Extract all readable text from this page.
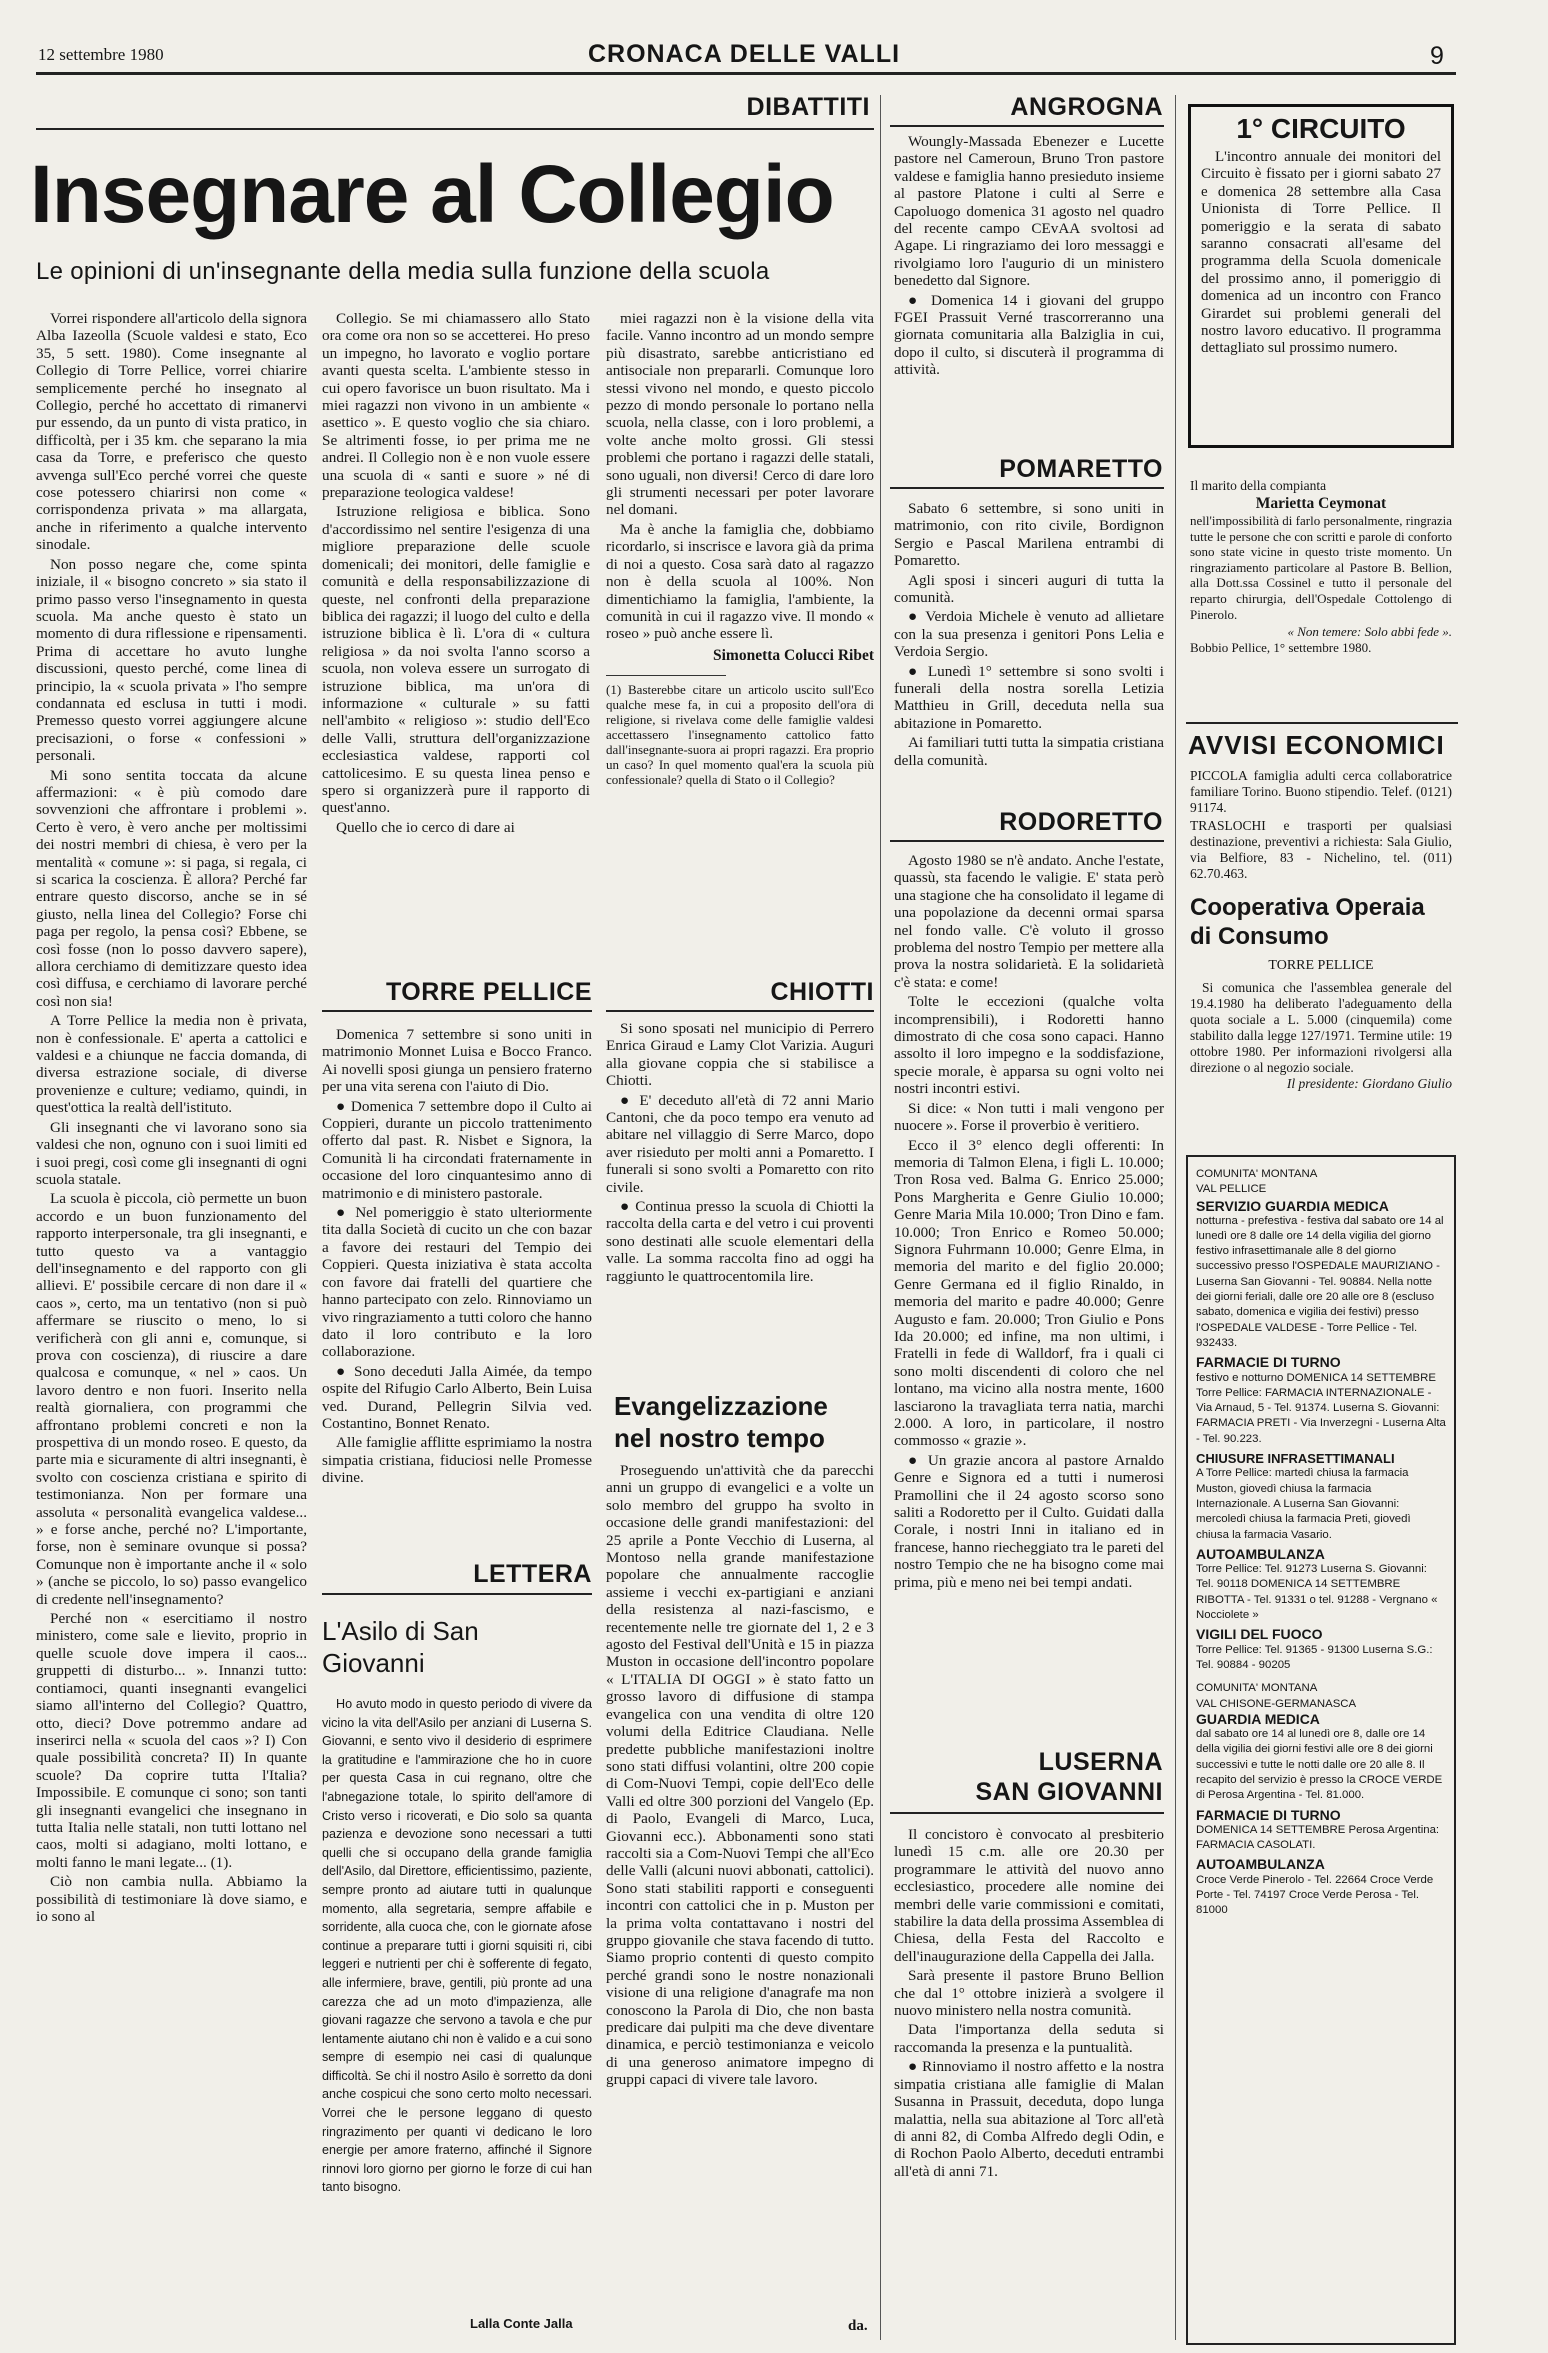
12 settembre 1980	CRONACA DELLE VALLI	9
DIBATTITI
Insegnare al Collegio
Le opinioni di un'insegnante della media sulla funzione della scuola

Vorrei rispondere all'articolo della signora Alba Iazeolla (Scuole valdesi e stato, Eco 35, 5 sett. 1980). Come insegnante al Collegio di Torre Pellice, vorrei chiarire semplicemente perché ho insegnato al Collegio, perché ho accettato di rimanervi pur essendo, da un punto di vista pratico, in difficoltà, per i 35 km. che separano la mia casa da Torre, e preferisco che questo avvenga sull'Eco perché vorrei che queste cose potessero chiarirsi non come « corrispondenza privata » ma allargata, anche in riferimento a qualche intervento sinodale.

Non posso negare che, come spinta iniziale, il « bisogno concreto » sia stato il primo passo verso l'insegnamento in questa scuola. Ma anche questo è stato un momento di dura riflessione e ripensamenti. Prima di accettare ho avuto lunghe discussioni, questo perché, come linea di principio, la « scuola privata » l'ho sempre condannata ed esclusa in tutti i modi. Premesso questo vorrei aggiungere alcune precisazioni, o forse « confessioni » personali.

Mi sono sentita toccata da alcune affermazioni: « è più comodo dare sovvenzioni che affrontare i problemi ». Certo è vero, è vero anche per moltissimi dei nostri membri di chiesa, è vero per la mentalità « comune »: si paga, si regala, ci si scarica la coscienza. È allora? Perché far entrare questo discorso, anche se in sé giusto, nella linea del Collegio? Forse chi paga per regolo, la pensa così? Ebbene, se così fosse (non lo posso davvero sapere), allora cerchiamo di demitizzare questo idea così diffusa, e cerchiamo di lavorare perché così non sia!

A Torre Pellice la media non è privata, non è confessionale. E' aperta a cattolici e valdesi e a chiunque ne faccia domanda, di diversa estrazione sociale, di diverse provenienze e culture; vediamo, quindi, in quest'ottica la realtà dell'istituto.

Gli insegnanti che vi lavorano sono sia valdesi che non, ognuno con i suoi limiti ed i suoi pregi, così come gli insegnanti di ogni scuola statale.

La scuola è piccola, ciò permette un buon accordo e un buon funzionamento del rapporto interpersonale, tra gli insegnanti, e tutto questo va a vantaggio dell'insegnamento e del rapporto con gli allievi. E' possibile cercare di non dare il « caos », certo, ma un tentativo (non si può affermare se riuscito o meno, lo si verificherà con gli anni e, comunque, si prova con coscienza), di riuscire a dare qualcosa e comunque, « nel » caos. Un lavoro dentro e non fuori. Inserito nella realtà giornaliera, con programmi che affrontano problemi concreti e non la prospettiva di un mondo roseo. E questo, da parte mia e sicuramente di altri insegnanti, è svolto con coscienza cristiana e spirito di testimonianza. Non per formare una assoluta « personalità evangelica valdese... » e forse anche, perché no? L'importante, forse, non è seminare ovunque si possa? Comunque non è importante anche il « solo » (anche se piccolo, lo so) passo evangelico di credente nell'insegnamento?

Perché non « esercitiamo il nostro ministero, come sale e lievito, proprio in quelle scuole dove impera il caos... gruppetti di disturbo... ». Innanzi tutto: contiamoci, quanti insegnanti evangelici siamo all'interno del Collegio? Quattro, otto, dieci? Dove potremmo andare ad inserirci nella « scuola del caos »? I) Con quale possibilità concreta? II) In quante scuole? Da coprire tutta l'Italia? Impossibile. E comunque ci sono; son tanti gli insegnanti evangelici che insegnano in tutta Italia nelle statali, non tutti lottano nel caos, molti si adagiano, molti lottano, e molti fanno le mani legate... (1).

Ciò non cambia nulla. Abbiamo la possibilità di testimoniare là dove siamo, e io sono al

Collegio. Se mi chiamassero allo Stato ora come ora non so se accetterei. Ho preso un impegno, ho lavorato e voglio portare avanti questa scelta. L'ambiente stesso in cui opero favorisce un buon risultato. Ma i miei ragazzi non vivono in un ambiente « asettico ». E questo voglio che sia chiaro. Se altrimenti fosse, io per prima me ne andrei. Il Collegio non è e non vuole essere una scuola di « santi e suore » né di preparazione teologica valdese!

Istruzione religiosa e biblica. Sono d'accordissimo nel sentire l'esigenza di una migliore preparazione delle scuole domenicali; dei monitori, delle famiglie e comunità e della responsabilizzazione di queste, nel confronti della preparazione biblica dei ragazzi; il luogo del culto e della istruzione biblica è lì. L'ora di « cultura religiosa » da noi svolta l'anno scorso a scuola, non voleva essere un surrogato di istruzione biblica, ma un'ora di informazione « culturale » su fatti nell'ambito « religioso »: studio dell'Eco delle Valli, struttura dell'organizzazione ecclesiastica valdese, rapporti col cattolicesimo. E su questa linea penso e spero si organizzerà pure il rapporto di quest'anno.

Quello che io cerco di dare ai

miei ragazzi non è la visione della vita facile. Vanno incontro ad un mondo sempre più disastrato, sarebbe anticristiano ed antisociale non prepararli. Comunque loro stessi vivono nel mondo, e questo piccolo pezzo di mondo personale lo portano nella scuola, nella classe, con i loro problemi, a volte anche molto grossi. Gli stessi problemi che portano i ragazzi delle statali, sono uguali, non diversi! Cerco di dare loro gli strumenti necessari per poter lavorare nel domani.

Ma è anche la famiglia che, dobbiamo ricordarlo, si inscrisce e lavora già da prima di noi a questo. Cosa sarà dato al ragazzo non è della scuola al 100%. Non dimentichiamo la famiglia, l'ambiente, la comunità in cui il ragazzo vive. Il mondo « roseo » può anche essere lì.

Simonetta Colucci Ribet

(1) Basterebbe citare un articolo uscito sull'Eco qualche mese fa, in cui a proposito dell'ora di religione, si rivelava come delle famiglie valdesi accettassero l'insegnamento cattolico fatto dall'insegnante-suora ai propri ragazzi. Era proprio un caso? In quel momento qual'era la scuola più confessionale? quella di Stato o il Collegio?

TORRE PELLICE

Domenica 7 settembre si sono uniti in matrimonio Monnet Luisa e Bocco Franco. Ai novelli sposi giunga un pensiero fraterno per una vita serena con l'aiuto di Dio.

● Domenica 7 settembre dopo il Culto ai Coppieri, durante un piccolo trattenimento offerto dal past. R. Nisbet e Signora, la Comunità li ha circondati fraternamente in occasione del loro cinquantesimo anno di matrimonio e di ministero pastorale.

● Nel pomeriggio è stato ulteriormente tita dalla Società di cucito un che con bazar a favore dei restauri del Tempio dei Coppieri. Questa iniziativa è stata accolta con favore dai fratelli del quartiere che hanno partecipato con zelo. Rinnoviamo un vivo ringraziamento a tutti coloro che hanno dato il loro contributo e la loro collaborazione.

● Sono deceduti Jalla Aimée, da tempo ospite del Rifugio Carlo Alberto, Bein Luisa ved. Durand, Pellegrin Silvia ved. Costantino, Bonnet Renato.

Alle famiglie afflitte esprimiamo la nostra simpatia cristiana, fiduciosi nelle Promesse divine.

LETTERA
L'Asilo di San Giovanni

Ho avuto modo in questo periodo di vivere da vicino la vita dell'Asilo per anziani di Luserna S. Giovanni, e sento vivo il desiderio di esprimere la gratitudine e l'ammirazione che ho in cuore per questa Casa in cui regnano, oltre che l'abnegazione totale, lo spirito dell'amore di Cristo verso i ricoverati, e Dio solo sa quanta pazienza e devozione sono necessari a tutti quelli che si occupano della grande famiglia dell'Asilo, dal Direttore, efficientissimo, paziente, sempre pronto ad aiutare tutti in qualunque momento, alla segretaria, sempre affabile e sorridente, alla cuoca che, con le giornate afose continue a preparare tutti i giorni squisiti ri, cibi leggeri e nutrienti per chi è sofferente di fegato, alle infermiere, brave, gentili, più pronte ad una carezza che ad un moto d'impazienza, alle giovani ragazze che servono a tavola e che pur lentamente aiutano chi non è valido e a cui sono sempre di esempio nei casi di qualunque difficoltà. Se chi il nostro Asilo è sorretto da doni anche cospicui che sono certo molto necessari. Vorrei che le persone leggano di questo ringrazimento per quanti vi dedicano le loro energie per amore fraterno, affinché il Signore rinnovi loro giorno per giorno le forze di cui han tanto bisogno.

Lalla Conte Jalla
CHIOTTI

Si sono sposati nel municipio di Perrero Enrica Giraud e Lamy Clot Varizia. Auguri alla giovane coppia che si stabilisce a Chiotti.

● E' deceduto all'età di 72 anni Mario Cantoni, che da poco tempo era venuto ad abitare nel villaggio di Serre Marco, dopo aver risieduto per molti anni a Pomaretto. I funerali si sono svolti a Pomaretto con rito civile.

● Continua presso la scuola di Chiotti la raccolta della carta e del vetro i cui proventi sono destinati alle scuole elementari della valle. La somma raccolta fino ad oggi ha raggiunto le quattrocentomila lire.

Evangelizzazione nel nostro tempo

Proseguendo un'attività che da parecchi anni un gruppo di evangelici e a volte un solo membro del gruppo ha svolto in occasione delle grandi manifestazioni: del 25 aprile a Ponte Vecchio di Luserna, al Montoso nella grande manifestazione popolare che annualmente raccoglie assieme i vecchi ex-partigiani e anziani della resistenza al nazi-fascismo, e recentemente nelle tre giornate del 1, 2 e 3 agosto del Festival dell'Unità e 15 in piazza Muston in occasione dell'incontro popolare « L'ITALIA DI OGGI » è stato fatto un grosso lavoro di diffusione di stampa evangelica con una vendita di oltre 120 volumi della Editrice Claudiana. Nelle predette pubbliche manifestazioni inoltre sono stati diffusi volantini, oltre 200 copie di Com-Nuovi Tempi, copie dell'Eco delle Valli ed oltre 300 porzioni del Vangelo (Ep. di Paolo, Evangeli di Marco, Luca, Giovanni ecc.). Abbonamenti sono stati raccolti sia a Com-Nuovi Tempi che all'Eco delle Valli (alcuni nuovi abbonati, cattolici). Sono stati stabiliti rapporti e conseguenti incontri con cattolici che in p. Muston per la prima volta contattavano i nostri del gruppo giovanile che stava facendo di tutto. Siamo proprio contenti di questo compito perché grandi sono le nostre nonazionali visione di una religione d'anagrafe ma non conoscono la Parola di Dio, che non basta predicare dai pulpiti ma che deve diventare dinamica, e perciò testimonianza e veicolo di una generoso animatore impegno di gruppi capaci di vivere tale lavoro.

da.
ANGROGNA

Woungly-Massada Ebenezer e Lucette pastore nel Cameroun, Bruno Tron pastore valdese e famiglia hanno presieduto insieme al pastore Platone i culti al Serre e Capoluogo domenica 31 agosto nel quadro del recente campo CEvAA svoltosi ad Agape. Li ringraziamo dei loro messaggi e rivolgiamo loro l'augurio di un ministero benedetto dal Signore.

● Domenica 14 i giovani del gruppo FGEI Prassuit Verné trascorreranno una giornata comunitaria alla Balziglia in cui, dopo il culto, si discuterà il programma di attività.

POMARETTO

Sabato 6 settembre, si sono uniti in matrimonio, con rito civile, Bordignon Sergio e Pascal Marilena entrambi di Pomaretto.

Agli sposi i sinceri auguri di tutta la comunità.

● Verdoia Michele è venuto ad allietare con la sua presenza i genitori Pons Lelia e Verdoia Sergio.

● Lunedì 1° settembre si sono svolti i funerali della nostra sorella Letizia Matthieu in Grill, deceduta nella sua abitazione in Pomaretto.

Ai familiari tutti tutta la simpatia cristiana della comunità.

RODORETTO

Agosto 1980 se n'è andato. Anche l'estate, quassù, sta facendo le valigie. E' stata però una stagione che ha consolidato il legame di una popolazione da decenni ormai sparsa nel fondo valle. C'è voluto il grosso problema del nostro Tempio per mettere alla prova la nostra solidarietà. E la solidarietà c'è stata: e come!

Tolte le eccezioni (qualche volta incomprensibili), i Rodoretti hanno dimostrato di che cosa sono capaci. Hanno assolto il loro impegno e la soddisfazione, specie morale, è apparsa su ogni volto nei nostri incontri estivi.

Si dice: « Non tutti i mali vengono per nuocere ». Forse il proverbio è veritiero.

Ecco il 3° elenco degli offerenti: In memoria di Talmon Elena, i figli L. 10.000; Tron Rosa ved. Balma G. Enrico 25.000; Pons Margherita e Genre Giulio 10.000; Genre Maria Mila 10.000; Tron Dino e fam. 10.000; Tron Enrico e Romeo 50.000; Signora Fuhrmann 10.000; Genre Elma, in memoria del marito e del figlio 20.000; Genre Germana ed il figlio Rinaldo, in memoria del marito e padre 40.000; Genre Augusto e fam. 20.000; Tron Giulio e Pons Ida 20.000; ed infine, ma non ultimi, i Fratelli in fede di Walldorf, fra i quali ci sono molti discendenti di coloro che nel lontano, ma vicino alla nostra mente, 1600 lasciarono la travagliata terra natia, marchi 2.000. A loro, in particolare, il nostro commosso « grazie ».

● Un grazie ancora al pastore Arnaldo Genre e Signora ed a tutti i numerosi Pramollini che il 24 agosto scorso sono saliti a Rodoretto per il Culto. Guidati dalla Corale, i nostri Inni in italiano ed in francese, hanno riecheggiato tra le pareti del nostro Tempio che ne ha bisogno come mai prima, più e meno nei bei tempi andati.

LUSERNA
SAN GIOVANNI

Il concistoro è convocato al presbiterio lunedì 15 c.m. alle ore 20.30 per programmare le attività del nuovo anno ecclesiastico, procedere alle nomine dei membri delle varie commissioni e comitati, stabilire la data della prossima Assemblea di Chiesa, della Festa del Raccolto e dell'inaugurazione della Cappella dei Jalla.

Sarà presente il pastore Bruno Bellion che dal 1° ottobre inizierà a svolgere il nuovo ministero nella nostra comunità.

Data l'importanza della seduta si raccomanda la presenza e la puntualità.

● Rinnoviamo il nostro affetto e la nostra simpatia cristiana alle famiglie di Malan Susanna in Prassuit, deceduta, dopo lunga malattia, nella sua abitazione al Torc all'età di anni 82, di Comba Alfredo degli Odin, e di Rochon Paolo Alberto, deceduti entrambi all'età di anni 71.

1° CIRCUITO

L'incontro annuale dei monitori del Circuito è fissato per i giorni sabato 27 e domenica 28 settembre alla Casa Unionista di Torre Pellice. Il pomeriggio e la serata di sabato saranno consacrati all'esame del programma della Scuola domenicale del prossimo anno, il pomeriggio di domenica ad un incontro con Franco Girardet sui problemi generali del nostro lavoro educativo. Il programma dettagliato sul prossimo numero.

Il marito della compianta
Marietta Ceymonat

nell'impossibilità di farlo personalmente, ringrazia tutte le persone che con scritti e parole di conforto sono state vicine in questo triste momento. Un ringraziamento particolare al Pastore B. Bellion, alla Dott.ssa Cossinel e tutto il personale del reparto chirurgia, dell'Ospedale Cottolengo di Pinerolo.

« Non temere: Solo abbi fede ».
Bobbio Pellice, 1° settembre 1980.
AVVISI ECONOMICI

PICCOLA famiglia adulti cerca collaboratrice familiare Torino. Buono stipendio. Telef. (0121) 91174.

TRASLOCHI e trasporti per qualsiasi destinazione, preventivi a richiesta: Sala Giulio, via Belfiore, 83 - Nichelino, tel. (011) 62.70.463.

Cooperativa Operaia di Consumo
TORRE PELLICE

Si comunica che l'assemblea generale del 19.4.1980 ha deliberato l'adeguamento della quota sociale a L. 5.000 (cinquemila) come stabilito dalla legge 127/1971. Termine utile: 19 ottobre 1980. Per informazioni rivolgersi alla direzione o al negozio sociale.

Il presidente: Giordano Giulio

COMUNITA' MONTANA

VAL PELLICE

SERVIZIO GUARDIA MEDICA

notturna - prefestiva - festiva dal sabato ore 14 al lunedì ore 8 dalle ore 14 della vigilia del giorno festivo infrasettimanale alle 8 del giorno successivo presso l'OSPEDALE MAURIZIANO - Luserna San Giovanni - Tel. 90884. Nella notte dei giorni feriali, dalle ore 20 alle ore 8 (escluso sabato, domenica e vigilia dei festivi) presso l'OSPEDALE VALDESE - Torre Pellice - Tel. 932433.

FARMACIE DI TURNO

festivo e notturno DOMENICA 14 SETTEMBRE Torre Pellice: FARMACIA INTERNAZIONALE - Via Arnaud, 5 - Tel. 91374. Luserna S. Giovanni: FARMACIA PRETI - Via Inverzegni - Luserna Alta - Tel. 90.223.

CHIUSURE INFRASETTIMANALI

A Torre Pellice: martedì chiusa la farmacia Muston, giovedì chiusa la farmacia Internazionale. A Luserna San Giovanni: mercoledì chiusa la farmacia Preti, giovedì chiusa la farmacia Vasario.

AUTOAMBULANZA

Torre Pellice: Tel. 91273 Luserna S. Giovanni: Tel. 90118 DOMENICA 14 SETTEMBRE RIBOTTA - Tel. 91331 o tel. 91288 - Vergnano « Nocciolete »

VIGILI DEL FUOCO

Torre Pellice: Tel. 91365 - 91300 Luserna S.G.: Tel. 90884 - 90205

COMUNITA' MONTANA

VAL CHISONE-GERMANASCA

GUARDIA MEDICA

dal sabato ore 14 al lunedì ore 8, dalle ore 14 della vigilia dei giorni festivi alle ore 8 dei giorni successivi e tutte le notti dalle ore 20 alle 8. Il recapito del servizio è presso la CROCE VERDE di Perosa Argentina - Tel. 81.000.

FARMACIE DI TURNO

DOMENICA 14 SETTEMBRE Perosa Argentina: FARMACIA CASOLATI.

AUTOAMBULANZA

Croce Verde Pinerolo - Tel. 22664 Croce Verde Porte - Tel. 74197 Croce Verde Perosa - Tel. 81000
